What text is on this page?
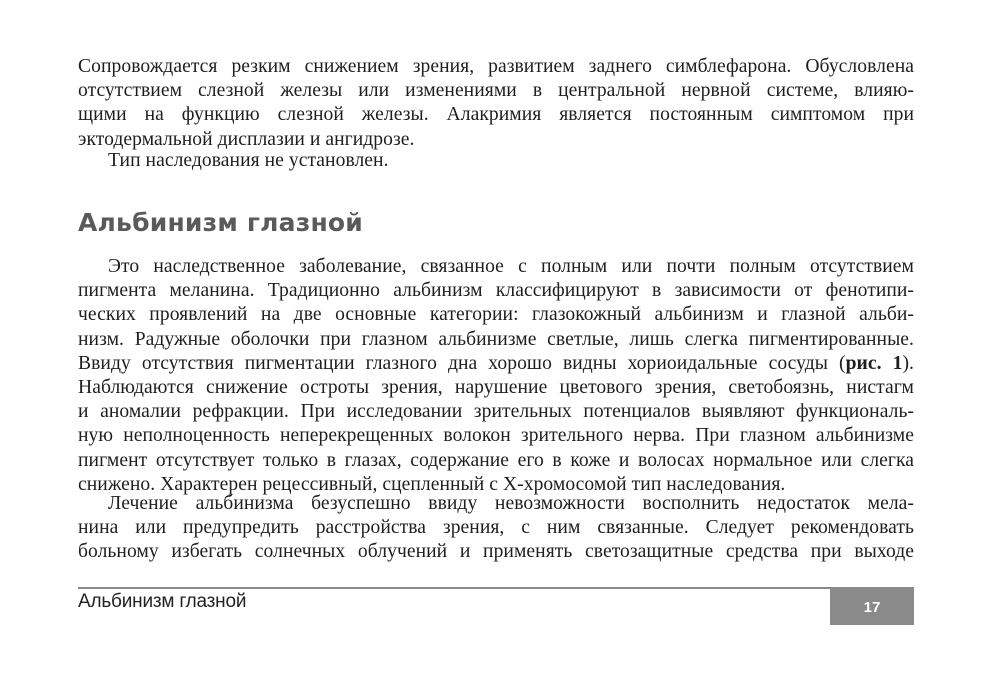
Сопровождается резким снижением зрения, развитием заднего симблефарона. Обусловлена
отсутствием слезной железы или изменениями в центральной нервной системе, влияю-
щими на функцию слезной железы. Алакримия является постоянным симптомом при
эктодермальной дисплазии и ангидрозе.
Тип наследования не установлен.
Альбинизм глазной
Это наследственное заболевание, связанное с полным или почти полным отсутствием
пигмента меланина. Традиционно альбинизм классифицируют в зависимости от фенотипи-
ческих проявлений на две основные категории: глазокожный альбинизм и глазной альби-
низм. Радужные оболочки при глазном альбинизме светлые, лишь слегка пигментированные.
Ввиду отсутствия пигментации глазного дна хорошо видны хориоидальные сосуды (рис. 1).
Наблюдаются снижение остроты зрения, нарушение цветового зрения, светобоязнь, нистагм
и аномалии рефракции. При исследовании зрительных потенциалов выявляют функциональ-
ную неполноценность неперекрещенных волокон зрительного нерва. При глазном альбинизме
пигмент отсутствует только в глазах, содержание его в коже и волосах нормальное или слегка
снижено. Характерен рецессивный, сцепленный с Х-хромосомой тип наследования.
Лечение альбинизма безуспешно ввиду невозможности восполнить недостаток мела-
нина или предупредить расстройства зрения, с ним связанные. Следует рекомендовать
больному избегать солнечных облучений и применять светозащитные средства при выходе
Альбинизм глазной	17
